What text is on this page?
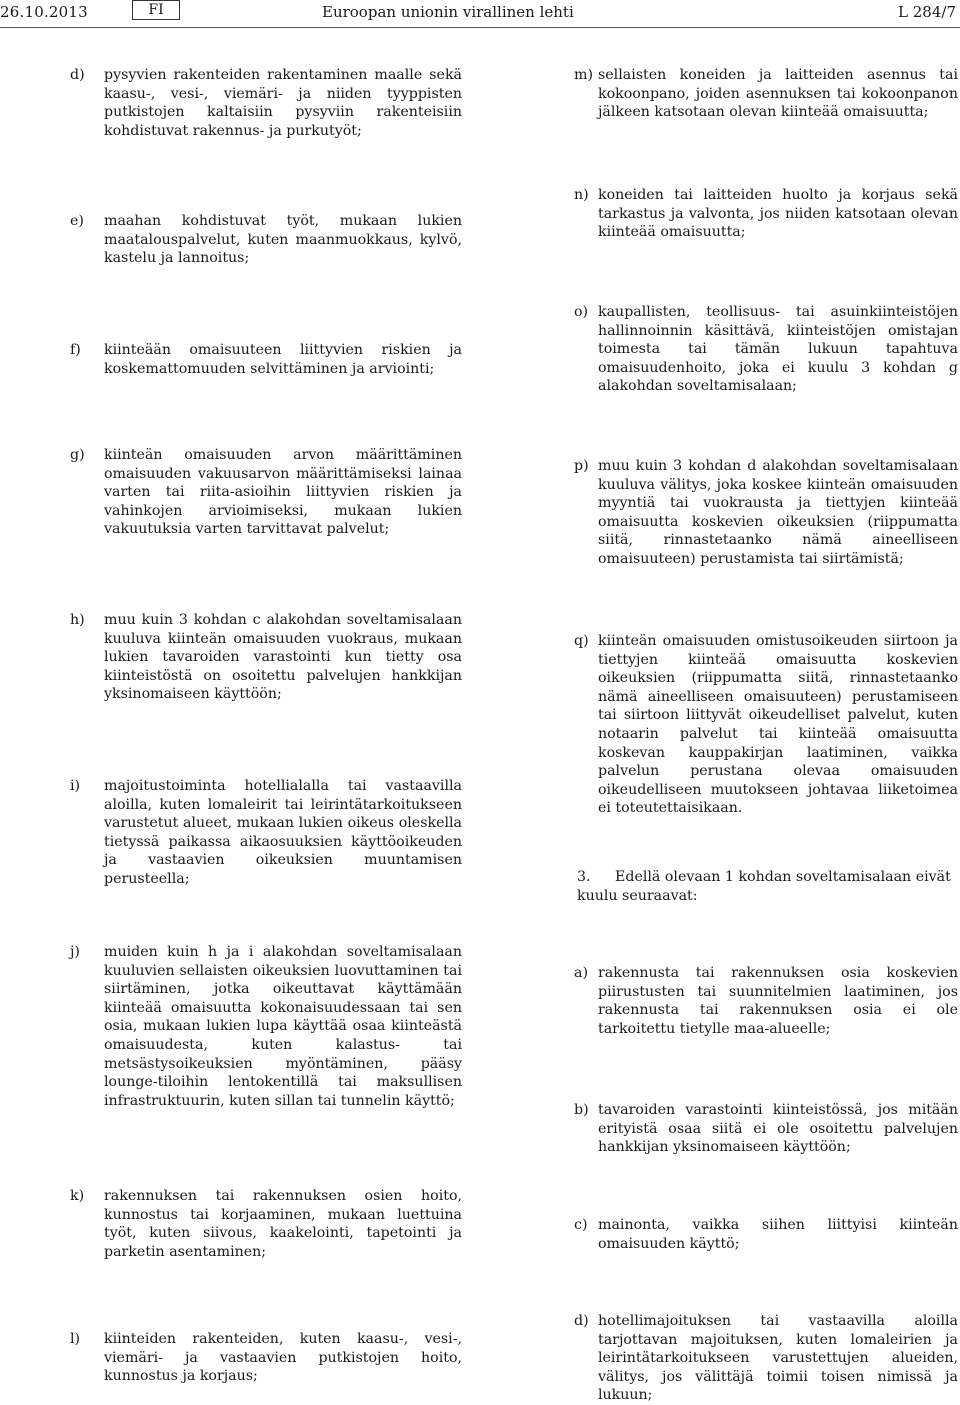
26.10.2013	FI	Euroopan unionin virallinen lehti	L 284/7
d) pysyvien rakenteiden rakentaminen maalle sekä kaasu-, vesi-, viemäri- ja niiden tyyppisten putkistojen kaltaisiin pysyviin rakenteisiin kohdistuvat rakennus- ja purkutyöt;
e) maahan kohdistuvat työt, mukaan lukien maatalouspalvelut, kuten maanmuokkaus, kylvö, kastelu ja lannoitus;
f) kiinteään omaisuuteen liittyvien riskien ja koskemattomuuden selvittäminen ja arviointi;
g) kiinteän omaisuuden arvon määrittäminen omaisuuden vakuusarvon määrittämiseksi lainaa varten tai riita-asioihin liittyvien riskien ja vahinkojen arvioimiseksi, mukaan lukien vakuutuksia varten tarvittavat palvelut;
h) muu kuin 3 kohdan c alakohdan soveltamisalaan kuuluva kiinteän omaisuuden vuokraus, mukaan lukien tavaroiden varastointi kun tietty osa kiinteistöstä on osoitettu palvelujen hankkijan yksinomaiseen käyttöön;
i) majoitustoiminta hotellialalla tai vastaavilla aloilla, kuten lomaleirit tai leirintätarkoitukseen varustetut alueet, mukaan lukien oikeus oleskella tietyssä paikassa aikaosuuksien käyttöoikeuden ja vastaavien oikeuksien muuntamisen perusteella;
j) muiden kuin h ja i alakohdan soveltamisalaan kuuluvien sellaisten oikeuksien luovuttaminen tai siirtäminen, jotka oikeuttavat käyttämään kiinteää omaisuutta kokonaisuudessaan tai sen osia, mukaan lukien lupa käyttää osaa kiinteästä omaisuudesta, kuten kalastus- tai metsästysoikeuksien myöntäminen, pääsy lounge-tiloihin lentokentillä tai maksullisen infrastruktuurin, kuten sillan tai tunnelin käyttö;
k) rakennuksen tai rakennuksen osien hoito, kunnostus tai korjaaminen, mukaan luettuina työt, kuten siivous, kaakelointi, tapetointi ja parketin asentaminen;
l) kiinteiden rakenteiden, kuten kaasu-, vesi-, viemäri- ja vastaavien putkistojen hoito, kunnostus ja korjaus;
m) sellaisten koneiden ja laitteiden asennus tai kokoonpano, joiden asennuksen tai kokoonpanon jälkeen katsotaan olevan kiinteää omaisuutta;
n) koneiden tai laitteiden huolto ja korjaus sekä tarkastus ja valvonta, jos niiden katsotaan olevan kiinteää omaisuutta;
o) kaupallisten, teollisuus- tai asuinkiinteistöjen hallinnoinnin käsittävä, kiinteistöjen omistajan toimesta tai tämän lukuun tapahtuva omaisuudenhoito, joka ei kuulu 3 kohdan g alakohdan soveltamisalaan;
p) muu kuin 3 kohdan d alakohdan soveltamisalaan kuuluva välitys, joka koskee kiinteän omaisuuden myyntiä tai vuokrausta ja tiettyjen kiinteää omaisuutta koskevien oikeuksien (riippumatta siitä, rinnastetaanko nämä aineelliseen omaisuuteen) perustamista tai siirtämistä;
q) kiinteän omaisuuden omistusoikeuden siirtoon ja tiettyjen kiinteää omaisuutta koskevien oikeuksien (riippumatta siitä, rinnastetaanko nämä aineelliseen omaisuuteen) perustamiseen tai siirtoon liittyvät oikeudelliset palvelut, kuten notaarin palvelut tai kiinteää omaisuutta koskevan kauppakirjan laatiminen, vaikka palvelun perustana olevaa omaisuuden oikeudelliseen muutokseen johtavaa liiketoimea ei toteutettaisikaan.
3. Edellä olevaan 1 kohdan soveltamisalaan eivät kuulu seuraavat:
a) rakennusta tai rakennuksen osia koskevien piirustusten tai suunnitelmien laatiminen, jos rakennusta tai rakennuksen osia ei ole tarkoitettu tietylle maa-alueelle;
b) tavaroiden varastointi kiinteistössä, jos mitään erityistä osaa siitä ei ole osoitettu palvelujen hankkijan yksinomaiseen käyttöön;
c) mainonta, vaikka siihen liittyisi kiinteän omaisuuden käyttö;
d) hotellimajoituksen tai vastaavilla aloilla tarjottavan majoituksen, kuten lomaleirien ja leirintätarkoitukseen varustettujen alueiden, välitys, jos välittäjä toimii toisen nimissä ja lukuun;
